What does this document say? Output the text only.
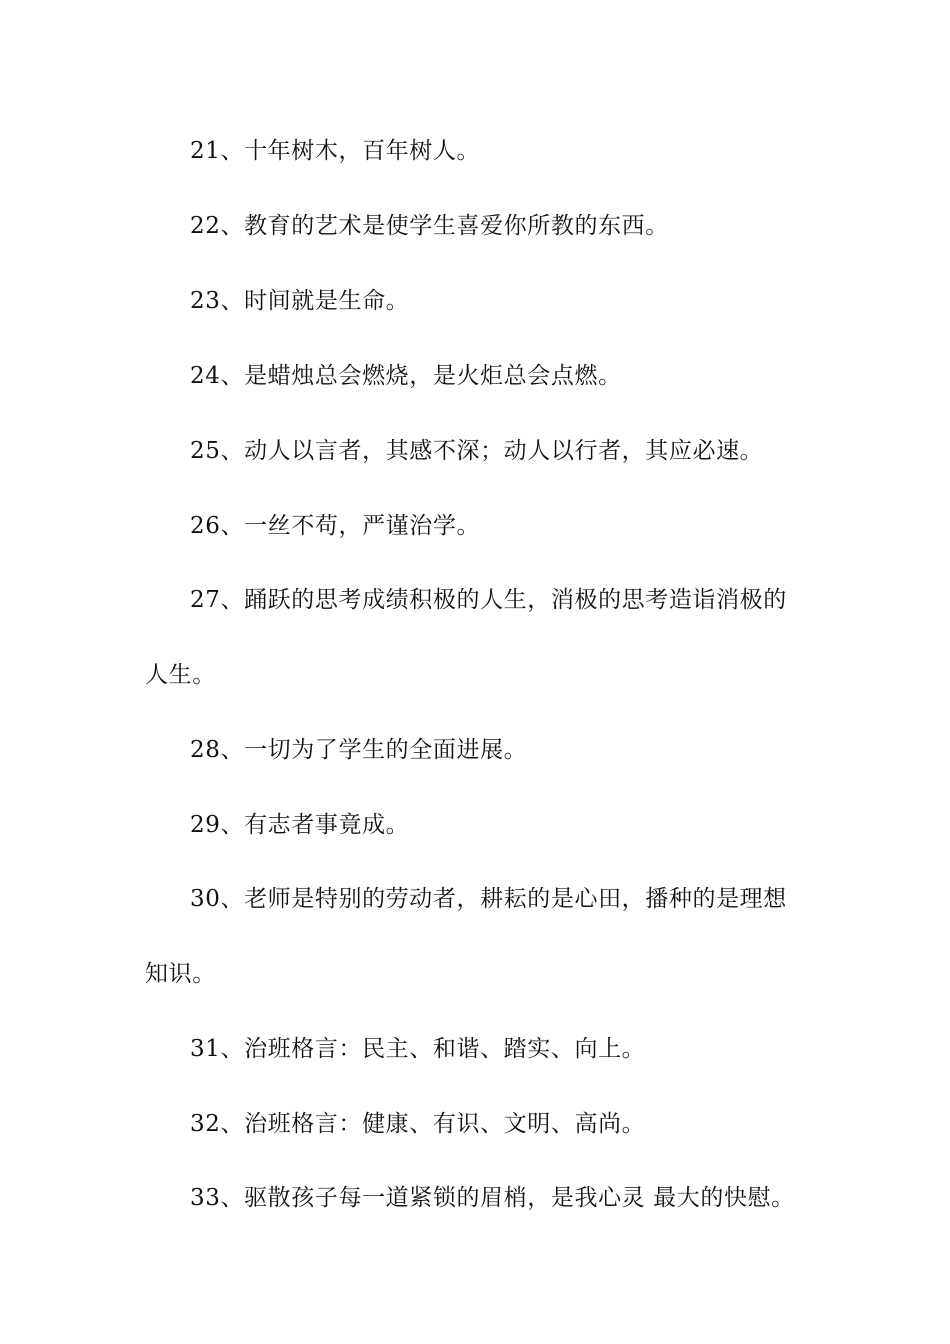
21、十年树木，百年树人。
22、教育的艺术是使学生喜爱你所教的东西。
23、时间就是生命。
24、是蜡烛总会燃烧，是火炬总会点燃。
25、动人以言者，其感不深；动人以行者，其应必速。
26、一丝不苟，严谨治学。
27、踊跃的思考成绩积极的人生，消极的思考造诣消极的
人生。
28、一切为了学生的全面进展。
29、有志者事竟成。
30、老师是特别的劳动者，耕耘的是心田，播种的是理想
知识。
31、治班格言：民主、和谐、踏实、向上。
32、治班格言：健康、有识、文明、高尚。
33、驱散孩子每一道紧锁的眉梢，是我心灵 最大的快慰。
